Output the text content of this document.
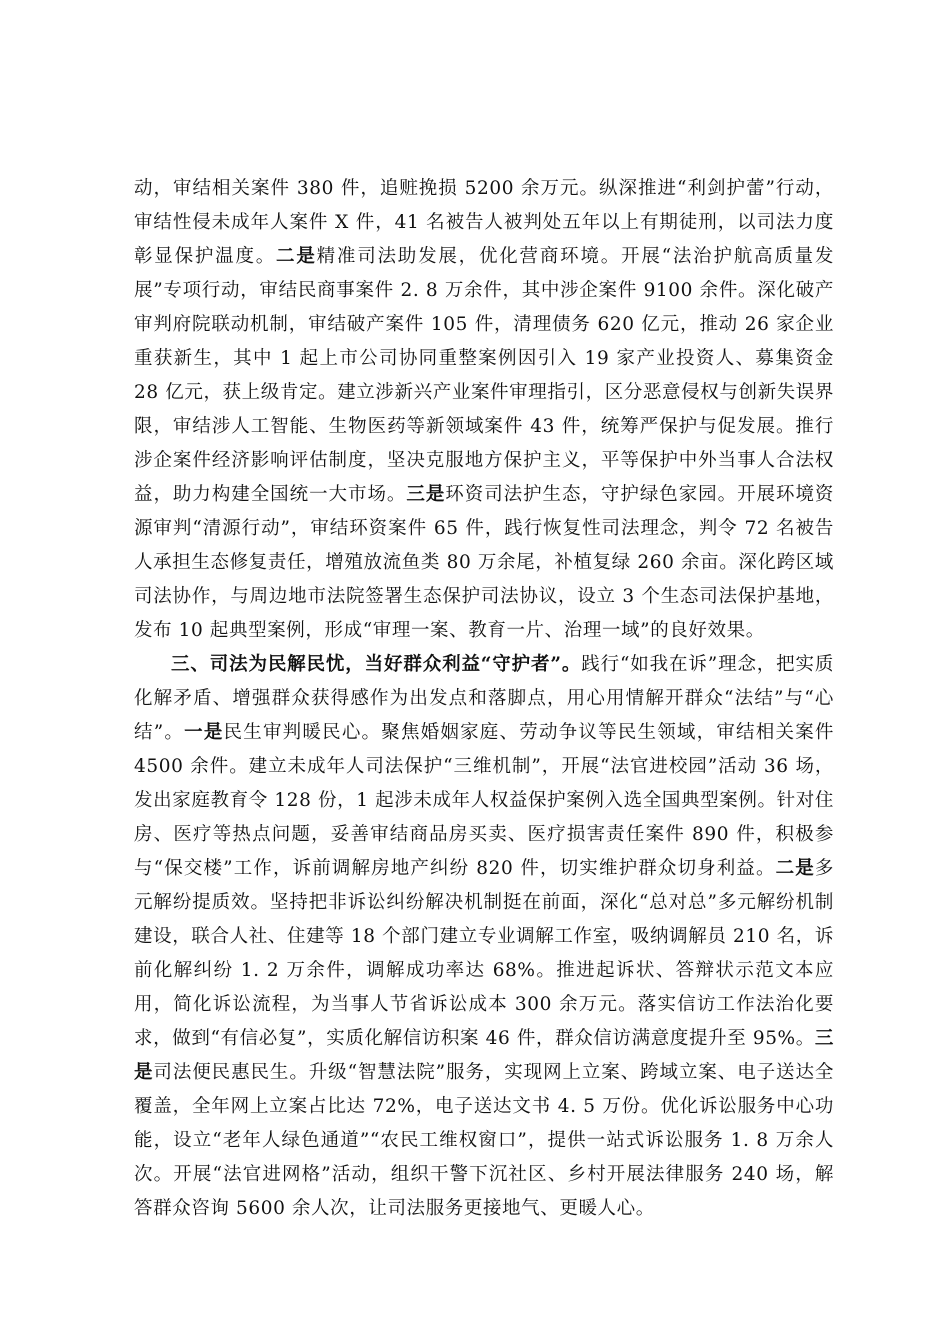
动，审结相关案件 380 件，追赃挽损 5200 余万元。纵深推进“利剑护蕾”行动，审结性侵未成年人案件 X 件，41 名被告人被判处五年以上有期徒刑，以司法力度彰显保护温度。二是精准司法助发展，优化营商环境。开展“法治护航高质量发展”专项行动，审结民商事案件 2. 8 万余件，其中涉企案件 9100 余件。深化破产审判府院联动机制，审结破产案件 105 件，清理债务 620 亿元，推动 26 家企业重获新生，其中 1 起上市公司协同重整案例因引入 19 家产业投资人、募集资金 28 亿元，获上级肯定。建立涉新兴产业案件审理指引，区分恶意侵权与创新失误界限，审结涉人工智能、生物医药等新领域案件 43 件，统筹严保护与促发展。推行涉企案件经济影响评估制度，坚决克服地方保护主义，平等保护中外当事人合法权益，助力构建全国统一大市场。三是环资司法护生态，守护绿色家园。开展环境资源审判“清源行动”，审结环资案件 65 件，践行恢复性司法理念，判令 72 名被告人承担生态修复责任，增殖放流鱼类 80 万余尾，补植复绿 260 余亩。深化跨区域司法协作，与周边地市法院签署生态保护司法协议，设立 3 个生态司法保护基地，发布 10 起典型案例，形成“审理一案、教育一片、治理一域”的良好效果。

三、司法为民解民忧，当好群众利益“守护者”。践行“如我在诉”理念，把实质化解矛盾、增强群众获得感作为出发点和落脚点，用心用情解开群众“法结”与“心结”。一是民生审判暖民心。聚焦婚姻家庭、劳动争议等民生领域，审结相关案件 4500 余件。建立未成年人司法保护“三维机制”，开展“法官进校园”活动 36 场，发出家庭教育令 128 份，1 起涉未成年人权益保护案例入选全国典型案例。针对住房、医疗等热点问题，妥善审结商品房买卖、医疗损害责任案件 890 件，积极参与“保交楼”工作，诉前调解房地产纠纷 820 件，切实维护群众切身利益。二是多元解纷提质效。坚持把非诉讼纠纷解决机制挺在前面，深化“总对总”多元解纷机制建设，联合人社、住建等 18 个部门建立专业调解工作室，吸纳调解员 210 名，诉前化解纠纷 1. 2 万余件，调解成功率达 68%。推进起诉状、答辩状示范文本应用，简化诉讼流程，为当事人节省诉讼成本 300 余万元。落实信访工作法治化要求，做到“有信必复”，实质化解信访积案 46 件，群众信访满意度提升至 95%。三是司法便民惠民生。升级“智慧法院”服务，实现网上立案、跨域立案、电子送达全覆盖，全年网上立案占比达 72%，电子送达文书 4. 5 万份。优化诉讼服务中心功能，设立“老年人绿色通道”“农民工维权窗口”，提供一站式诉讼服务 1. 8 万余人次。开展“法官进网格”活动，组织干警下沉社区、乡村开展法律服务 240 场，解答群众咨询 5600 余人次，让司法服务更接地气、更暖人心。
